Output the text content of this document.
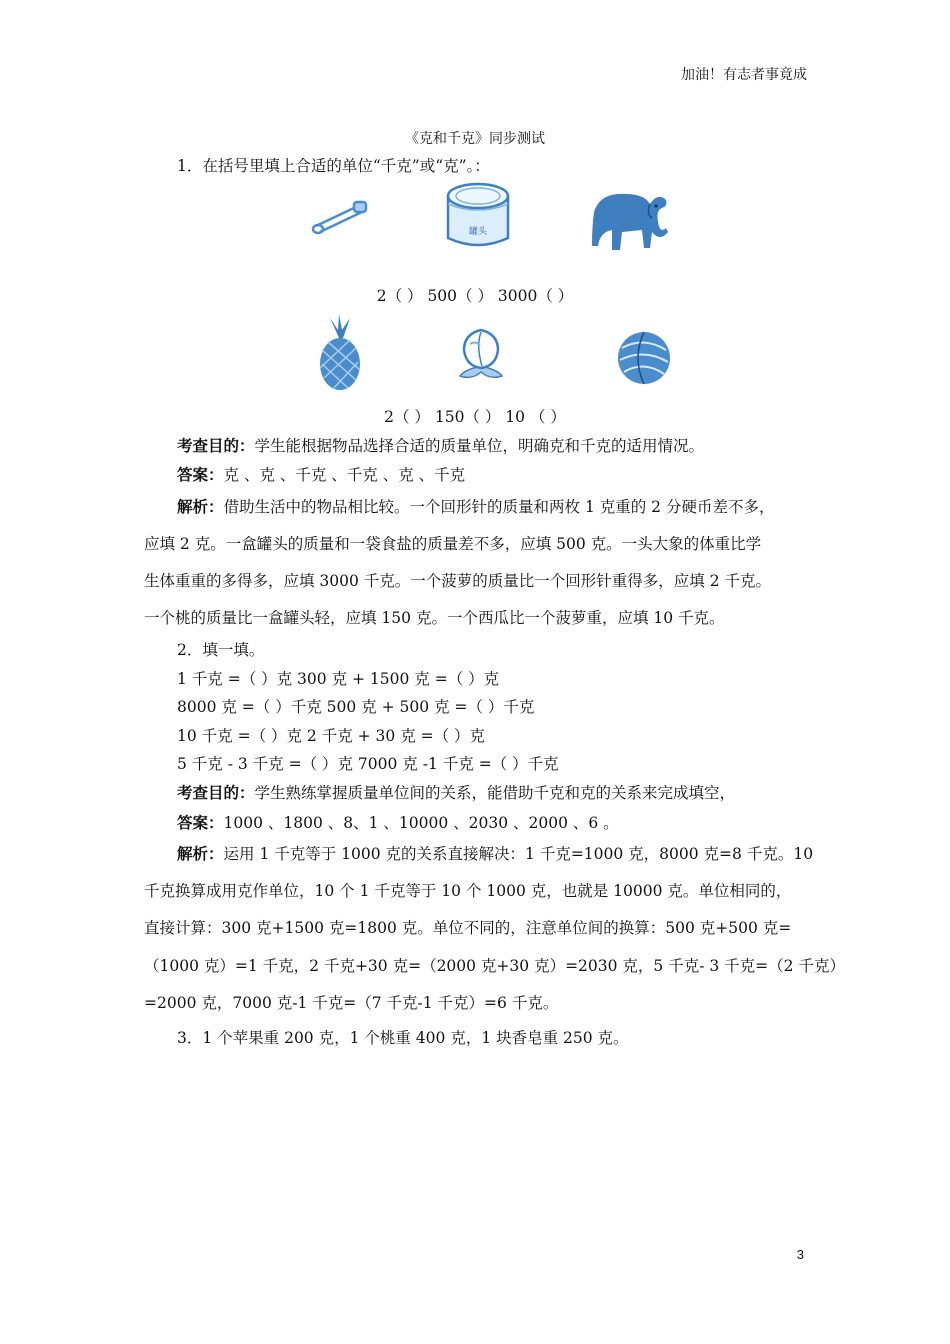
加油！有志者事竟成
《克和千克》同步测试
1．在括号里填上合适的单位“千克”或“克”。：
罐头
2（ ） 500（ ） 3000（ ）
2（ ） 150（ ） 10 （ ）
考查目的：学生能根据物品选择合适的质量单位，明确克和千克的适用情况。
答案：克 、克 、千克 、千克 、克 、千克
解析：借助生活中的物品相比较。一个回形针的质量和两枚 1 克重的 2 分硬币差不多，
应填 2 克。一盒罐头的质量和一袋食盐的质量差不多，应填 500 克。一头大象的体重比学
生体重重的多得多，应填 3000 千克。一个菠萝的质量比一个回形针重得多，应填 2 千克。
一个桃的质量比一盒罐头轻，应填 150 克。一个西瓜比一个菠萝重，应填 10 千克。
2．填一填。
1 千克 =（ ）克 300 克 + 1500 克 =（ ）克
8000 克 =（ ）千克 500 克 + 500 克 =（ ）千克
10 千克 =（ ）克 2 千克 + 30 克 =（ ）克
5 千克 - 3 千克 =（ ）克 7000 克 -1 千克 =（ ）千克
考查目的：学生熟练掌握质量单位间的关系，能借助千克和克的关系来完成填空，
答案：1000 、1800 、8、1 、10000 、2030 、2000 、6 。
解析：运用 1 千克等于 1000 克的关系直接解决：1 千克=1000 克，8000 克=8 千克。10
千克换算成用克作单位，10 个 1 千克等于 10 个 1000 克，也就是 10000 克。单位相同的，
直接计算：300 克+1500 克=1800 克。单位不同的，注意单位间的换算：500 克+500 克=
（1000 克）=1 千克，2 千克+30 克=（2000 克+30 克）=2030 克，5 千克- 3 千克=（2 千克）
=2000 克，7000 克-1 千克=（7 千克-1 千克）=6 千克。
3．1 个苹果重 200 克，1 个桃重 400 克，1 块香皂重 250 克。
3
